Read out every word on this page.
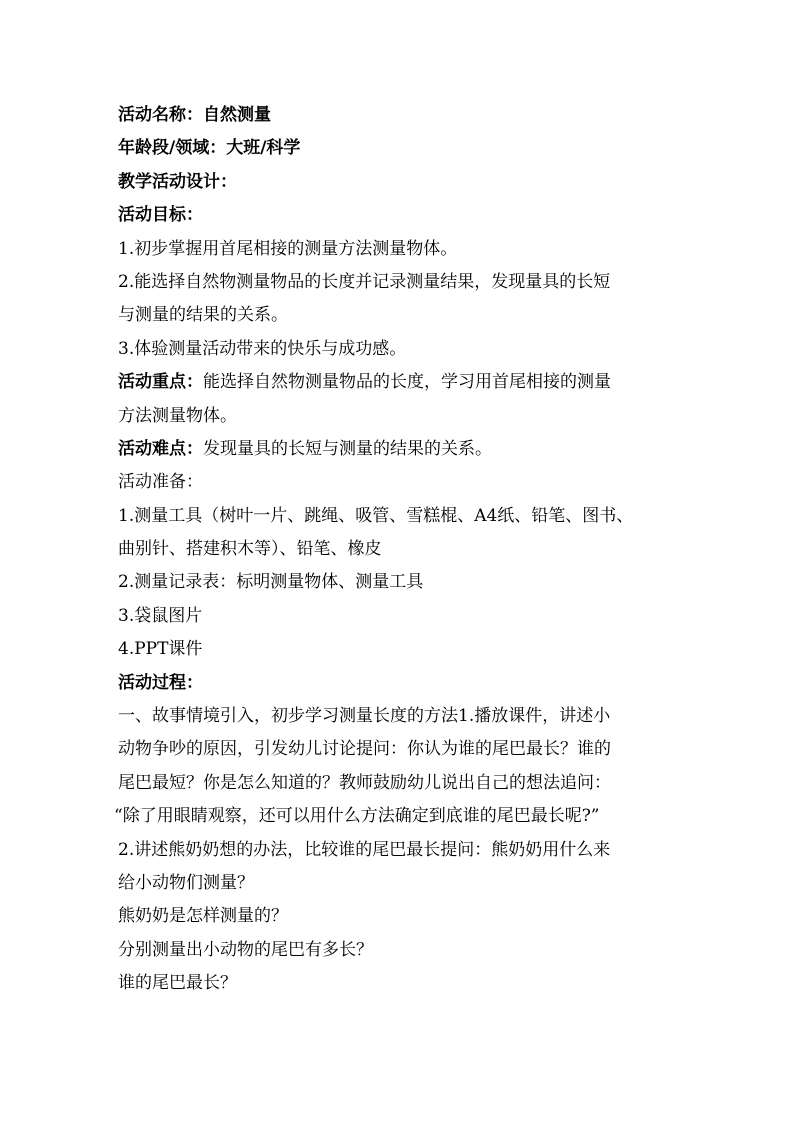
活动名称：自然测量
年龄段/领域：大班/科学
教学活动设计：
活动目标：
1.初步掌握用首尾相接的测量方法测量物体。
2.能选择自然物测量物品的长度并记录测量结果，发现量具的长短
与测量的结果的关系。
3.体验测量活动带来的快乐与成功感。
活动重点：能选择自然物测量物品的长度，学习用首尾相接的测量
方法测量物体。
活动难点：发现量具的长短与测量的结果的关系。
活动准备：
1.测量工具（树叶一片、跳绳、吸管、雪糕棍、A4纸、铅笔、图书、
曲别针、搭建积木等）、铅笔、橡皮
2.测量记录表：标明测量物体、测量工具
3.袋鼠图片
4.PPT课件
活动过程：
一、故事情境引入，初步学习测量长度的方法1.播放课件，讲述小
动物争吵的原因，引发幼儿讨论提问：你认为谁的尾巴最长？谁的
尾巴最短？你是怎么知道的？教师鼓励幼儿说出自己的想法追问：
“除了用眼睛观察，还可以用什么方法确定到底谁的尾巴最长呢?”
2.讲述熊奶奶想的办法，比较谁的尾巴最长提问：熊奶奶用什么来
给小动物们测量？
熊奶奶是怎样测量的？
分别测量出小动物的尾巴有多长？
谁的尾巴最长？
